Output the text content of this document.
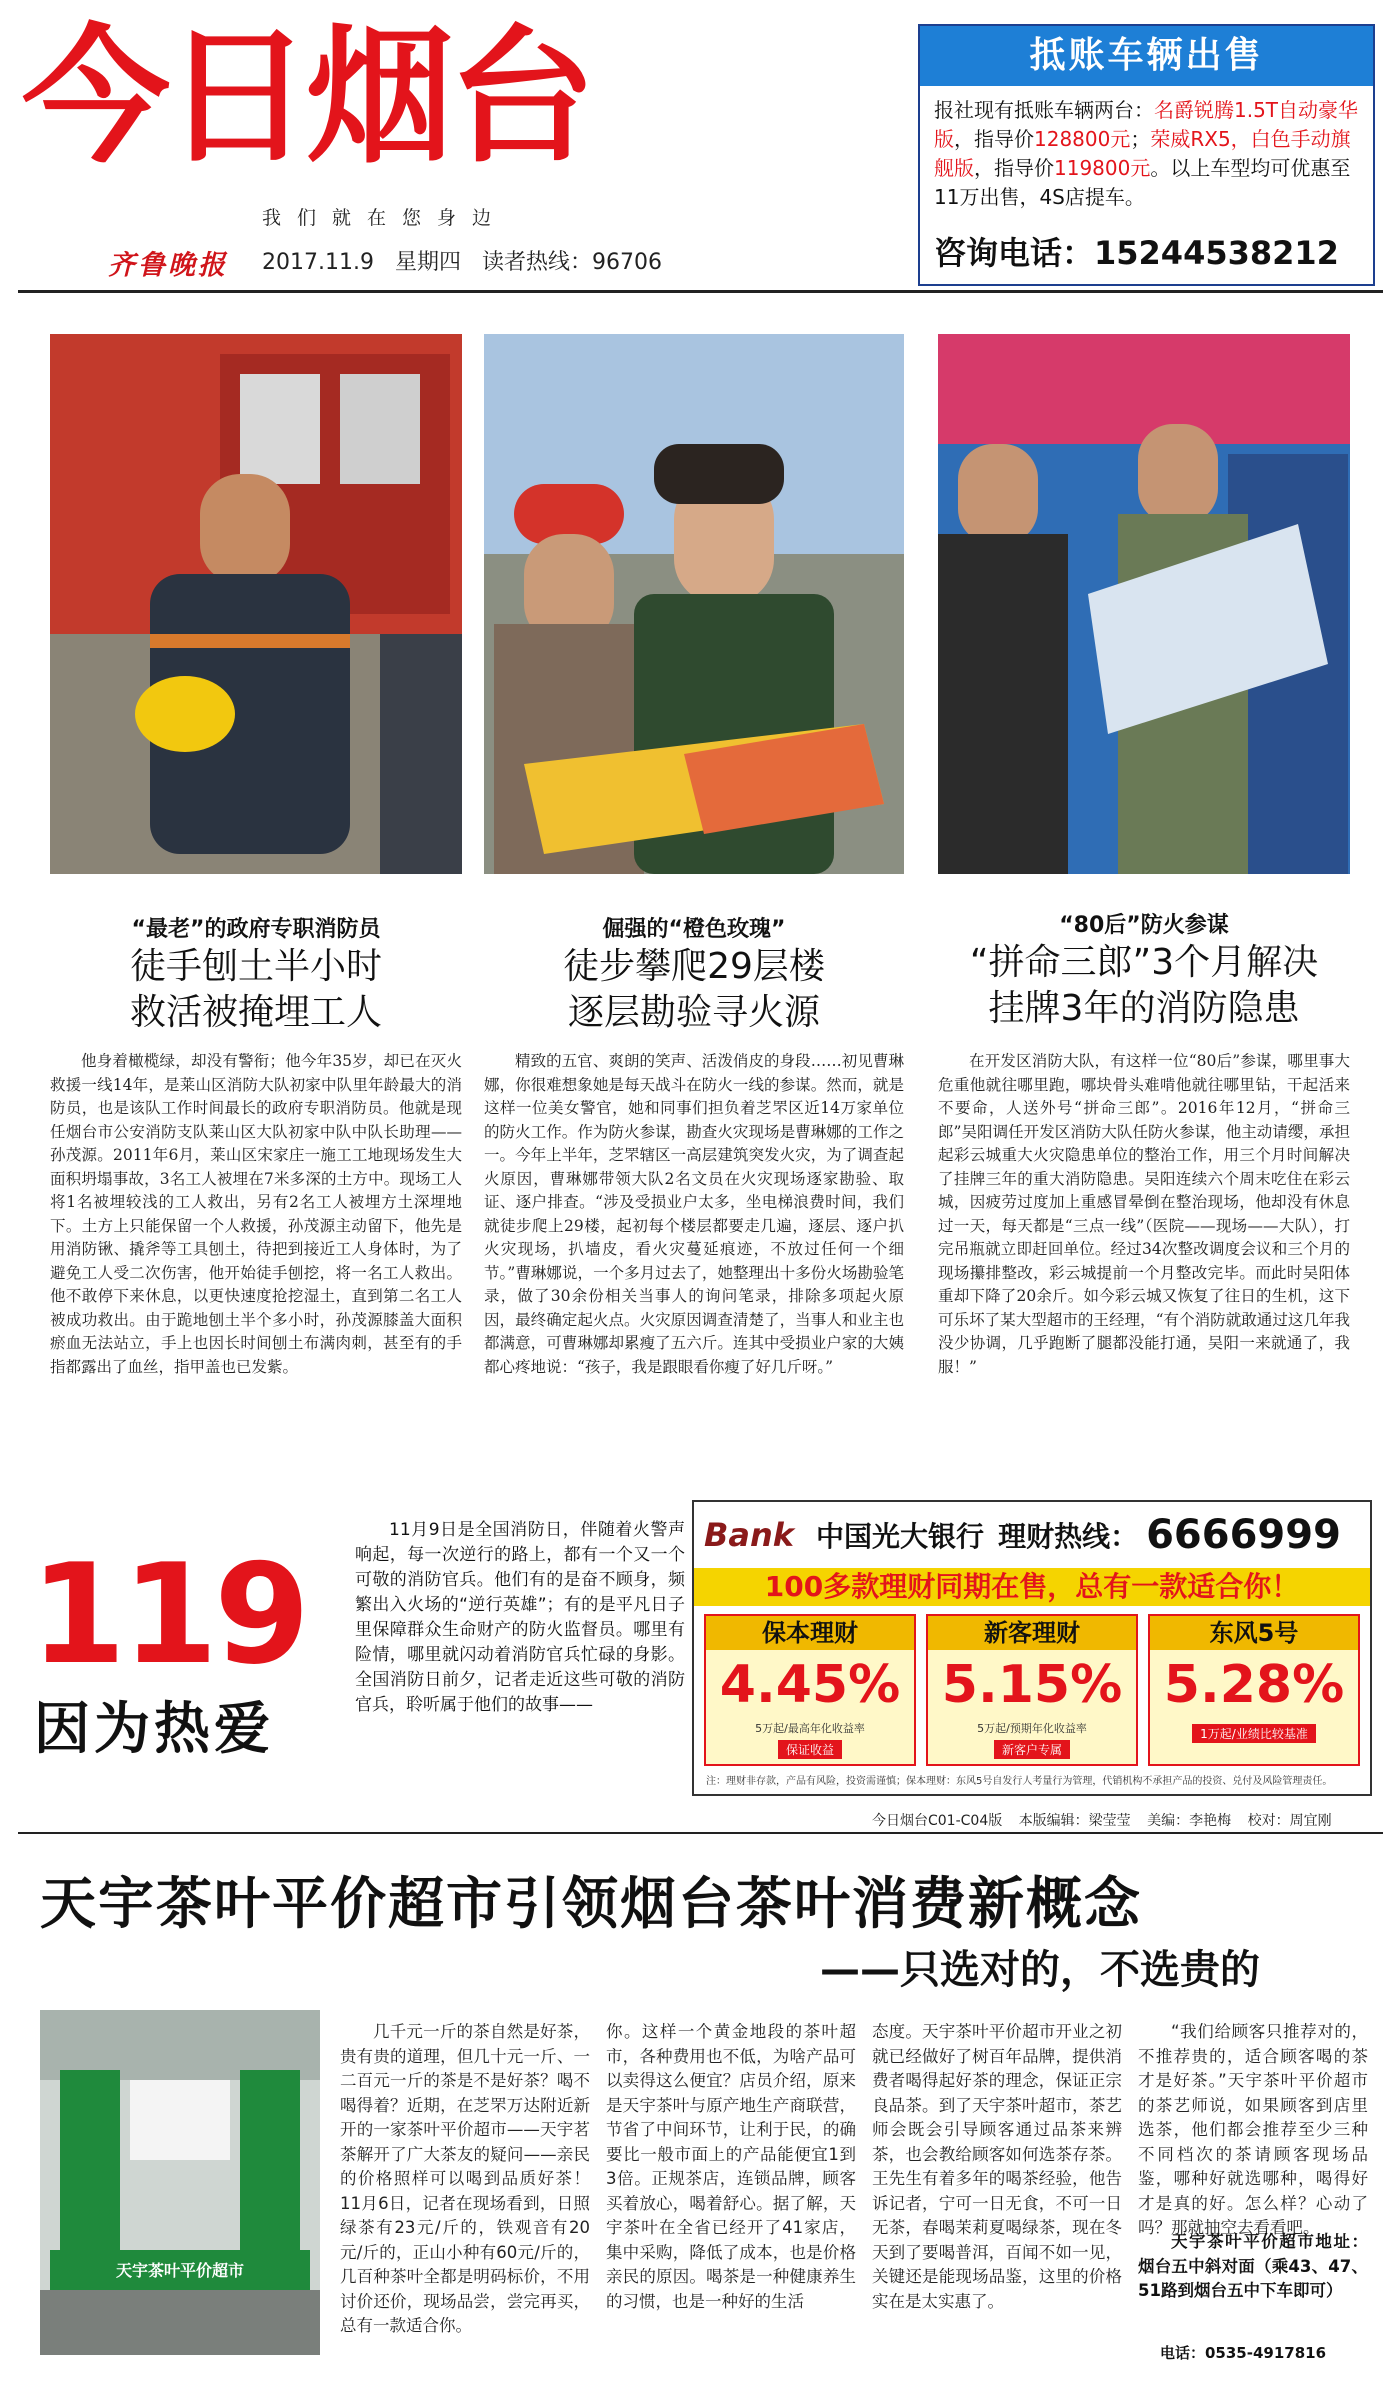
今日烟台
我们就在您身边
齐鲁晚报 2017.11.9 星期四 读者热线：96706
抵账车辆出售
报社现有抵账车辆两台：名爵锐腾1.5T自动豪华版，指导价128800元；荣威RX5，白色手动旗舰版，指导价119800元。以上车型均可优惠至11万出售，4S店提车。
咨询电话：15244538212
“最老”的政府专职消防员
徒手刨土半小时
救活被掩埋工人
他身着橄榄绿，却没有警衔；他今年35岁，却已在灭火救援一线14年，是莱山区消防大队初家中队里年龄最大的消防员，也是该队工作时间最长的政府专职消防员。他就是现任烟台市公安消防支队莱山区大队初家中队中队长助理——孙茂源。2011年6月，莱山区宋家庄一施工工地现场发生大面积坍塌事故，3名工人被埋在7米多深的土方中。现场工人将1名被埋较浅的工人救出，另有2名工人被埋方土深埋地下。土方上只能保留一个人救援，孙茂源主动留下，他先是用消防锹、撬斧等工具刨土，待把到接近工人身体时，为了避免工人受二次伤害，他开始徒手刨挖，将一名工人救出。他不敢停下来休息，以更快速度抢挖湿土，直到第二名工人被成功救出。由于跪地刨土半个多小时，孙茂源膝盖大面积瘀血无法站立，手上也因长时间刨土布满肉刺，甚至有的手指都露出了血丝，指甲盖也已发紫。
倔强的“橙色玫瑰”
徒步攀爬29层楼
逐层勘验寻火源
精致的五官、爽朗的笑声、活泼俏皮的身段……初见曹琳娜，你很难想象她是每天战斗在防火一线的参谋。然而，就是这样一位美女警官，她和同事们担负着芝罘区近14万家单位的防火工作。作为防火参谋，勘查火灾现场是曹琳娜的工作之一。今年上半年，芝罘辖区一高层建筑突发火灾，为了调查起火原因，曹琳娜带领大队2名文员在火灾现场逐家勘验、取证、逐户排查。“涉及受损业户太多，坐电梯浪费时间，我们就徒步爬上29楼，起初每个楼层都要走几遍，逐层、逐户扒火灾现场，扒墙皮，看火灾蔓延痕迹，不放过任何一个细节。”曹琳娜说，一个多月过去了，她整理出十多份火场勘验笔录，做了30余份相关当事人的询问笔录，排除多项起火原因，最终确定起火点。火灾原因调查清楚了，当事人和业主也都满意，可曹琳娜却累瘦了五六斤。连其中受损业户家的大姨都心疼地说：“孩子，我是跟眼看你瘦了好几斤呀。”
“80后”防火参谋
“拼命三郎”3个月解决
挂牌3年的消防隐患
在开发区消防大队，有这样一位“80后”参谋，哪里事大危重他就往哪里跑，哪块骨头难啃他就往哪里钻，干起活来不要命，人送外号“拼命三郎”。2016年12月，“拼命三郎”吴阳调任开发区消防大队任防火参谋，他主动请缨，承担起彩云城重大火灾隐患单位的整治工作，用三个月时间解决了挂牌三年的重大消防隐患。吴阳连续六个周末吃住在彩云城，因疲劳过度加上重感冒晕倒在整治现场，他却没有休息过一天，每天都是“三点一线”（医院——现场——大队），打完吊瓶就立即赶回单位。经过34次整改调度会议和三个月的现场攥排整改，彩云城提前一个月整改完毕。而此时吴阳体重却下降了20余斤。如今彩云城又恢复了往日的生机，这下可乐坏了某大型超市的王经理，“有个消防就敢通过这几年我没少协调，几乎跑断了腿都没能打通，吴阳一来就通了，我服！”
119
因为热爱
11月9日是全国消防日，伴随着火警声响起，每一次逆行的路上，都有一个又一个可敬的消防官兵。他们有的是奋不顾身，频繁出入火场的“逆行英雄”；有的是平凡日子里保障群众生命财产的防火监督员。哪里有险情，哪里就闪动着消防官兵忙碌的身影。全国消防日前夕，记者走近这些可敬的消防官兵，聆听属于他们的故事——
Bank 中国光大银行 理财热线： 6666999
100多款理财同期在售，总有一款适合你！
保本理财
4.45%
5万起/最高年化收益率
保证收益
新客理财
5.15%
5万起/预期年化收益率
新客户专属
东风5号
5.28%
1万起/业绩比较基准
注：理财非存款，产品有风险，投资需谨慎；保本理财：东风5号自发行人考量行为管理，代销机构不承担产品的投资、兑付及风险管理责任。
今日烟台C01-C04版 本版编辑：梁莹莹 美编：李艳梅 校对：周宜刚
天宇茶叶平价超市引领烟台茶叶消费新概念
——只选对的，不选贵的
天宇茶叶平价超市
几千元一斤的茶自然是好茶，贵有贵的道理，但几十元一斤、一二百元一斤的茶是不是好茶？喝不喝得着？近期，在芝罘万达附近新开的一家茶叶平价超市——天宇茗茶解开了广大茶友的疑问——亲民的价格照样可以喝到品质好茶！11月6日，记者在现场看到，日照绿茶有23元/斤的，铁观音有20元/斤的，正山小种有60元/斤的，几百种茶叶全都是明码标价，不用讨价还价，现场品尝，尝完再买，总有一款适合你。
你。这样一个黄金地段的茶叶超市，各种费用也不低，为啥产品可以卖得这么便宜？店员介绍，原来是天宇茶叶与原产地生产商联营，节省了中间环节，让利于民，的确要比一般市面上的产品能便宜1到3倍。正规茶店，连锁品牌，顾客买着放心，喝着舒心。据了解，天宇茶叶在全省已经开了41家店，集中采购，降低了成本，也是价格亲民的原因。喝茶是一种健康养生的习惯，也是一种好的生活
态度。天宇茶叶平价超市开业之初就已经做好了树百年品牌，提供消费者喝得起好茶的理念，保证正宗良品茶。到了天宇茶叶超市，茶艺师会既会引导顾客通过品茶来辨茶，也会教给顾客如何选茶存茶。王先生有着多年的喝茶经验，他告诉记者，宁可一日无食，不可一日无茶，春喝茉莉夏喝绿茶，现在冬天到了要喝普洱，百闻不如一见，关键还是能现场品鉴，这里的价格实在是太实惠了。
“我们给顾客只推荐对的，不推荐贵的，适合顾客喝的茶才是好茶。”天宇茶叶平价超市的茶艺师说，如果顾客到店里选茶，他们都会推荐至少三种不同档次的茶请顾客现场品鉴，哪种好就选哪种，喝得好才是真的好。怎么样？心动了吗？那就抽空去看看吧。
天宇茶叶平价超市地址：烟台五中斜对面（乘43、47、51路到烟台五中下车即可）
电话：0535-4917816
